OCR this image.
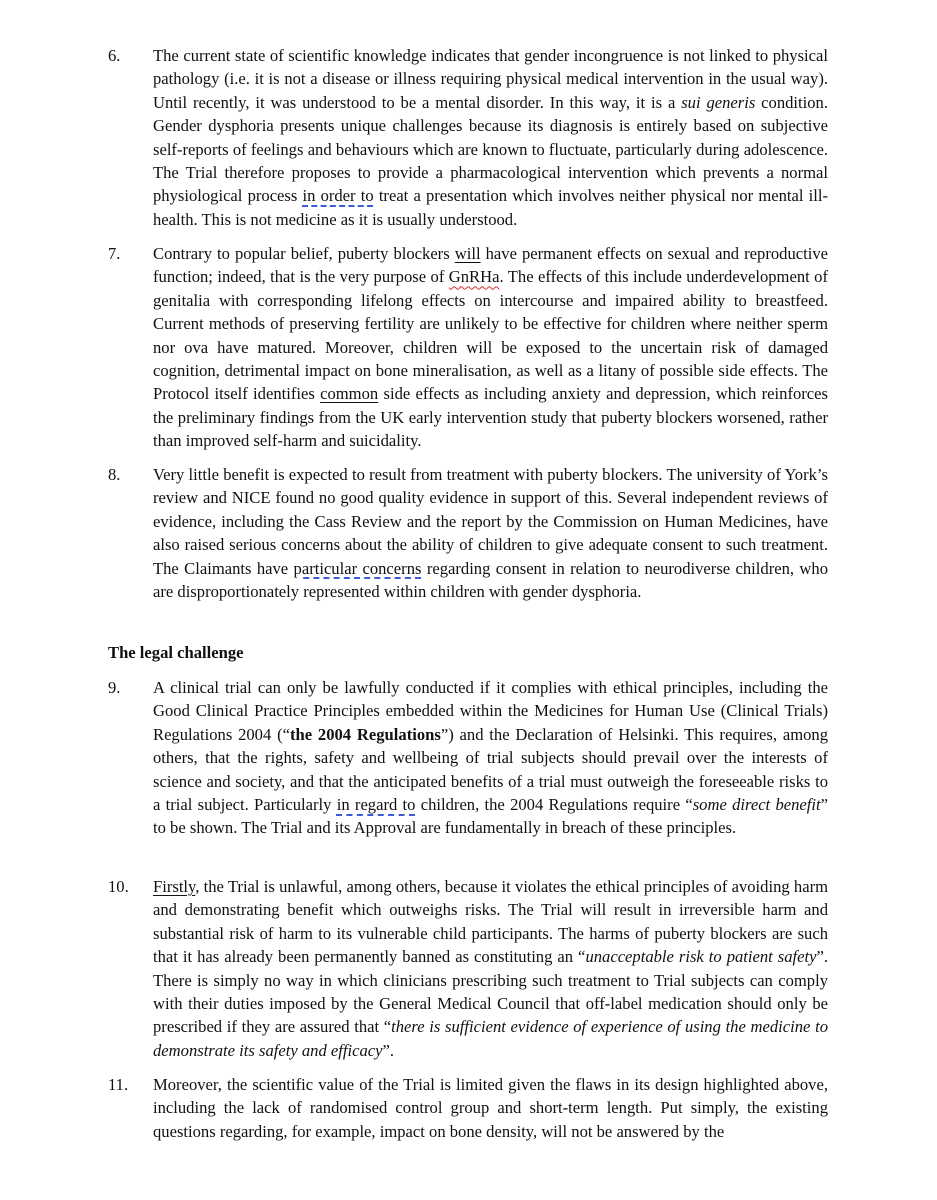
6.	The current state of scientific knowledge indicates that gender incongruence is not linked to physical pathology (i.e. it is not a disease or illness requiring physical medical intervention in the usual way). Until recently, it was understood to be a mental disorder. In this way, it is a sui generis condition. Gender dysphoria presents unique challenges because its diagnosis is entirely based on subjective self-reports of feelings and behaviours which are known to fluctuate, particularly during adolescence. The Trial therefore proposes to provide a pharmacological intervention which prevents a normal physiological process in order to treat a presentation which involves neither physical nor mental ill-health. This is not medicine as it is usually understood.

7.	Contrary to popular belief, puberty blockers will have permanent effects on sexual and reproductive function; indeed, that is the very purpose of GnRHa. The effects of this include underdevelopment of genitalia with corresponding lifelong effects on intercourse and impaired ability to breastfeed. Current methods of preserving fertility are unlikely to be effective for children where neither sperm nor ova have matured. Moreover, children will be exposed to the uncertain risk of damaged cognition, detrimental impact on bone mineralisation, as well as a litany of possible side effects. The Protocol itself identifies common side effects as including anxiety and depression, which reinforces the preliminary findings from the UK early intervention study that puberty blockers worsened, rather than improved self-harm and suicidality.

8.	Very little benefit is expected to result from treatment with puberty blockers. The university of York’s review and NICE found no good quality evidence in support of this. Several independent reviews of evidence, including the Cass Review and the report by the Commission on Human Medicines, have also raised serious concerns about the ability of children to give adequate consent to such treatment. The Claimants have particular concerns regarding consent in relation to neurodiverse children, who are disproportionately represented within children with gender dysphoria.

The legal challenge
9.	A clinical trial can only be lawfully conducted if it complies with ethical principles, including the Good Clinical Practice Principles embedded within the Medicines for Human Use (Clinical Trials) Regulations 2004 (“the 2004 Regulations”) and the Declaration of Helsinki. This requires, among others, that the rights, safety and wellbeing of trial subjects should prevail over the interests of science and society, and that the anticipated benefits of a trial must outweigh the foreseeable risks to a trial subject. Particularly in regard to children, the 2004 Regulations require “some direct benefit” to be shown. The Trial and its Approval are fundamentally in breach of these principles.

10.	Firstly, the Trial is unlawful, among others, because it violates the ethical principles of avoiding harm and demonstrating benefit which outweighs risks. The Trial will result in irreversible harm and substantial risk of harm to its vulnerable child participants. The harms of puberty blockers are such that it has already been permanently banned as constituting an “unacceptable risk to patient safety”. There is simply no way in which clinicians prescribing such treatment to Trial subjects can comply with their duties imposed by the General Medical Council that off-label medication should only be prescribed if they are assured that “there is sufficient evidence of experience of using the medicine to demonstrate its safety and efficacy”.

11.	Moreover, the scientific value of the Trial is limited given the flaws in its design highlighted above, including the lack of randomised control group and short-term length. Put simply, the existing questions regarding, for example, impact on bone density, will not be answered by the
